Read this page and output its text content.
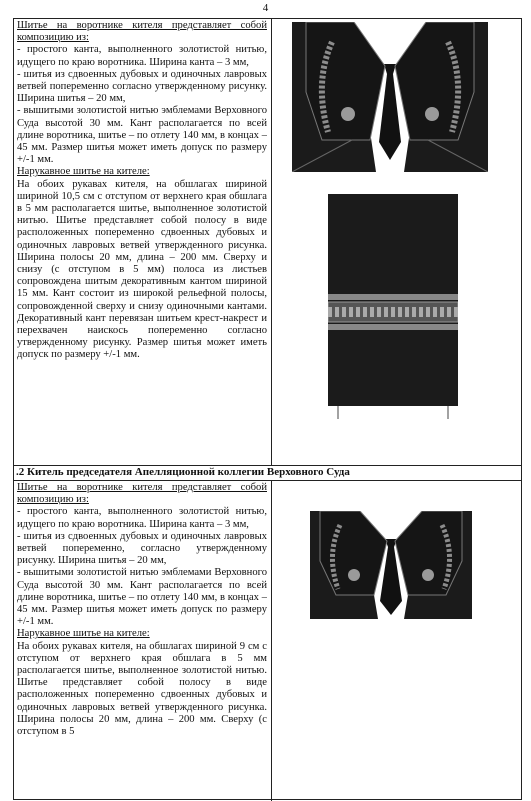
4

Шитье на воротнике кителя представляет собой композицию из:

- простого канта, выполненного золотистой нитью, идущего по краю воротника. Ширина канта – 3 мм,

- шитья из сдвоенных дубовых и одиночных лавровых ветвей попеременно согласно утвержденному рисунку. Ширина шитья – 20 мм,

- вышитыми золотистой нитью эмблемами Верховного Суда высотой 30 мм. Кант располагается по всей длине воротника, шитье – по отлету 140 мм, в концах – 45 мм. Размер шитья может иметь допуск по размеру +/-1 мм.

Нарукавное шитье на кителе:

На обоих рукавах кителя, на обшлагах шириной шириной 10,5 см с отступом от верхнего края обшлага в 5 мм располагается шитье, выполненное золотистой нитью. Шитье представляет собой полосу в виде расположенных попеременно сдвоенных дубовых и одиночных лавровых ветвей утвержденного рисунка. Ширина полосы 20 мм, длина – 200 мм. Сверху и снизу (с отступом в 5 мм) полоса из листьев сопровождена шитым декоративным кантом шириной 15 мм. Кант состоит из широкой рельефной полосы, сопровожденной сверху и снизу одиночными кантами. Декоративный кант перевязан шитьем крест-накрест и перехвачен наискось попеременно согласно утвержденному рисунку. Размер шитья может иметь допуск по размеру +/-1 мм.

.2 Китель председателя Апелляционной коллегии Верховного Суда

Шитье на воротнике кителя представляет собой композицию из:

- простого канта, выполненного золотистой нитью, идущего по краю воротника. Ширина канта – 3 мм,

- шитья из сдвоенных дубовых и одиночных лавровых ветвей попеременно, согласно утвержденному рисунку. Ширина шитья – 20 мм,

- вышитыми золотистой нитью эмблемами Верховного Суда высотой 30 мм. Кант располагается по всей длине воротника, шитье – по отлету 140 мм, в концах – 45 мм. Размер шитья может иметь допуск по размеру +/-1 мм.

Нарукавное шитье на кителе:

На обоих рукавах кителя, на обшлагах шириной 9 см с отступом от верхнего края обшлага в 5 мм располагается шитье, выполненное золотистой нитью. Шитье представляет собой полосу в виде расположенных попеременно сдвоенных дубовых и одиночных лавровых ветвей утвержденного рисунка. Ширина полосы 20 мм, длина – 200 мм. Сверху (с отступом в 5
